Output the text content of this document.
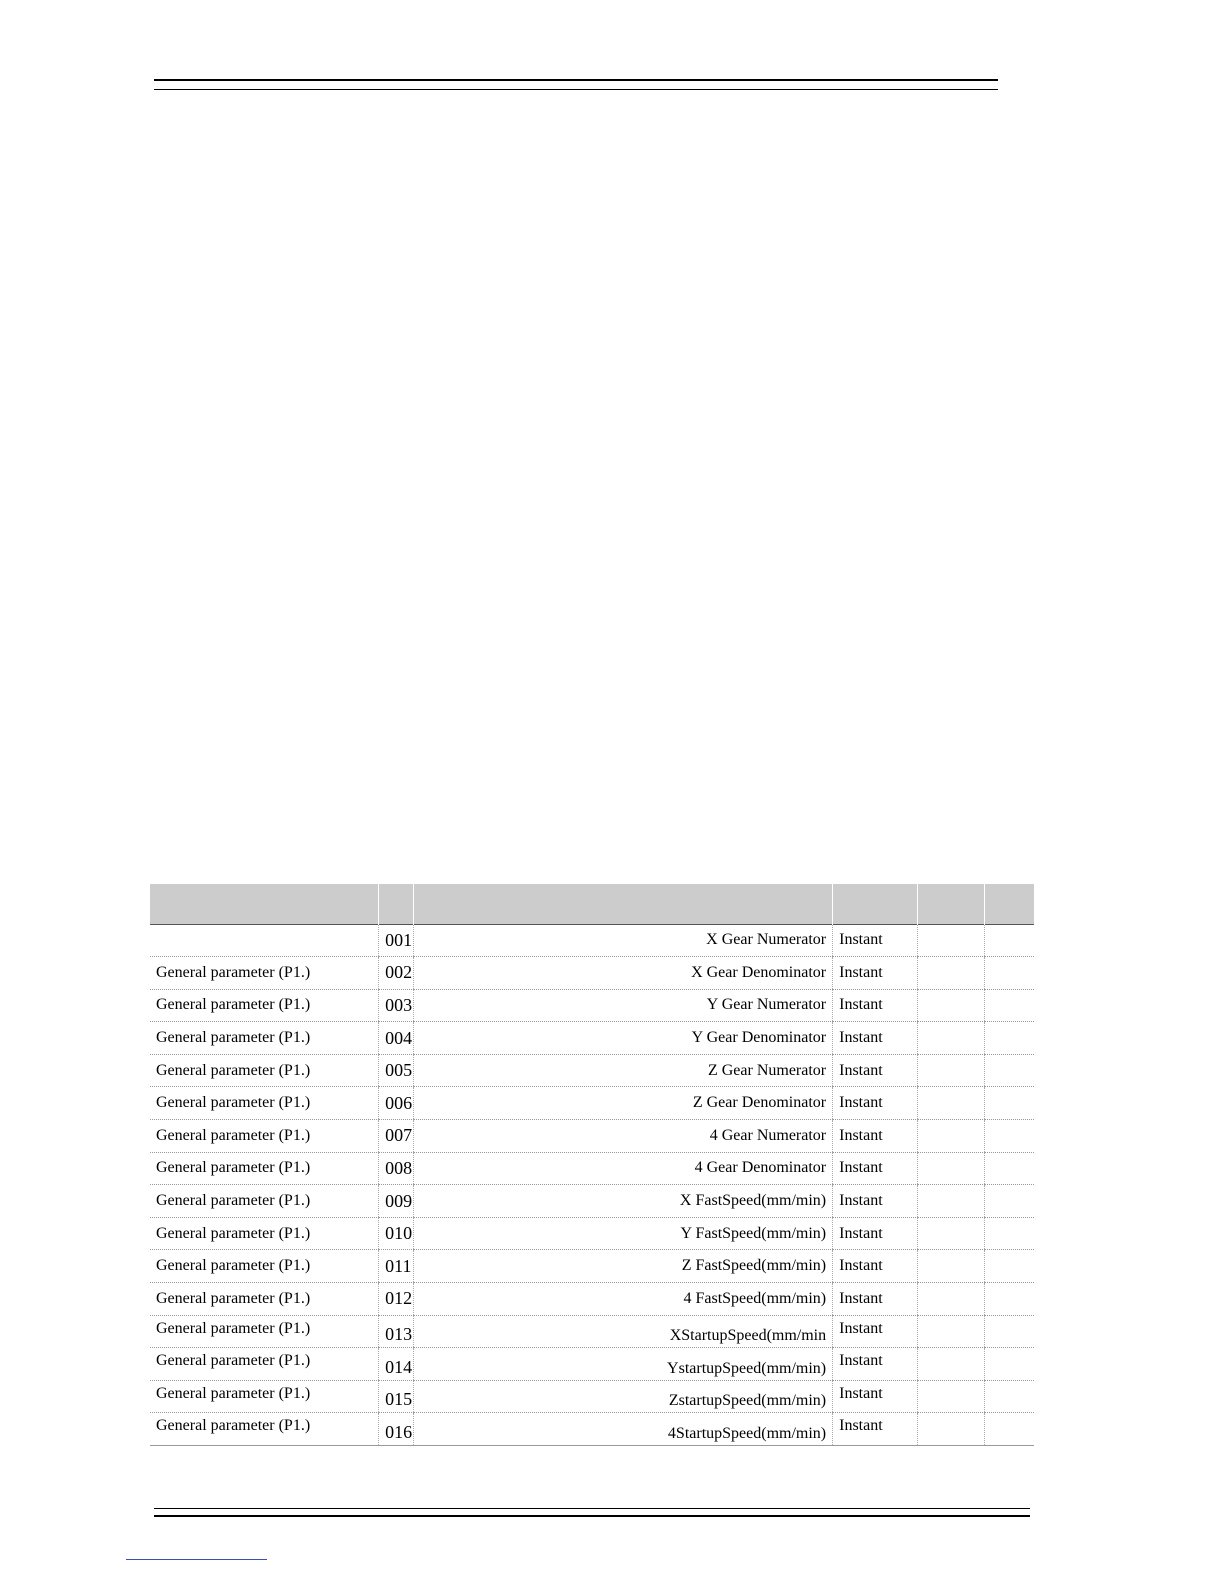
	001	X Gear Numerator	Instant		
General parameter (P1.)	002	X Gear Denominator	Instant		
General parameter (P1.)	003	Y Gear Numerator	Instant		
General parameter (P1.)	004	Y Gear Denominator	Instant		
General parameter (P1.)	005	Z Gear Numerator	Instant		
General parameter (P1.)	006	Z Gear Denominator	Instant		
General parameter (P1.)	007	4 Gear Numerator	Instant		
General parameter (P1.)	008	4 Gear Denominator	Instant		
General parameter (P1.)	009	X FastSpeed(mm/min)	Instant		
General parameter (P1.)	010	Y FastSpeed(mm/min)	Instant		
General parameter (P1.)	011	Z FastSpeed(mm/min)	Instant		
General parameter (P1.)	012	4 FastSpeed(mm/min)	Instant		
General parameter (P1.)	013	XStartupSpeed(mm/min	Instant		
General parameter (P1.)	014	YstartupSpeed(mm/min)	Instant		
General parameter (P1.)	015	ZstartupSpeed(mm/min)	Instant		
General parameter (P1.)	016	4StartupSpeed(mm/min)	Instant		
